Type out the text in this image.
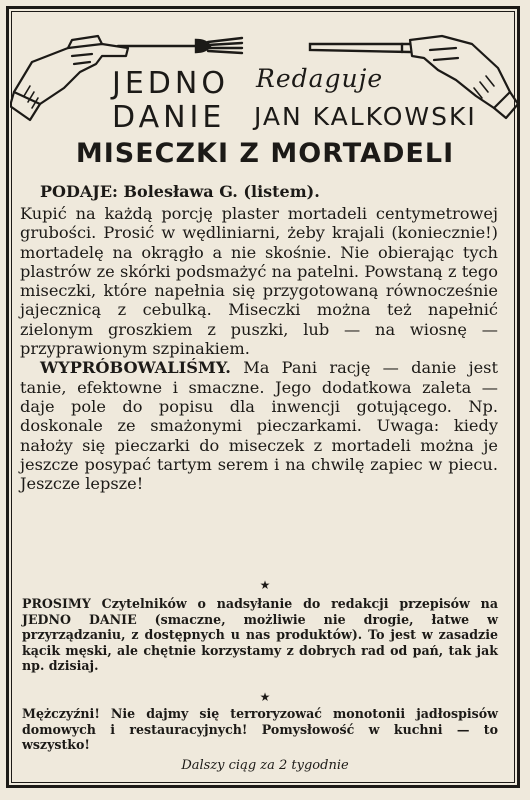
JEDNO
DANIE
Redaguje
JAN KALKOWSKI
MISECZKI Z MORTADELI
PODAJE: Bolesława G. (listem).

Kupić na każdą porcję plaster mortadeli centymetrowej grubości. Prosić w wędliniarni, żeby krajali (koniecznie!) mortadelę na okrągło a nie skośnie. Nie obierając tych plastrów ze skórki podsmażyć na patelni. Powstaną z tego miseczki, które napełnia się przygotowaną równocześnie jajecznicą z cebulką. Miseczki można też napełnić zielonym groszkiem z puszki, lub — na wiosnę — przyprawionym szpinakiem.

WYPRÓBOWALIŚMY. Ma Pani rację — danie jest tanie, efektowne i smaczne. Jego dodatkowa zaleta — daje pole do popisu dla inwencji gotującego. Np. doskonale ze smażonymi pieczarkami. Uwaga: kiedy nałoży się pieczarki do miseczek z mortadeli można je jeszcze posypać tartym serem i na chwilę zapiec w piecu. Jeszcze lepsze!

★
PROSIMY Czytelników o nadsyłanie do redakcji przepisów na JEDNO DANIE (smaczne, możliwie nie drogie, łatwe w przyrządzaniu, z dostępnych u nas produktów). To jest w zasadzie kącik męski, ale chętnie korzystamy z dobrych rad od pań, tak jak np. dzisiaj.
★
Mężczyźni! Nie dajmy się terroryzować monotonii jadłospisów domowych i restauracyjnych! Pomysłowość w kuchni — to wszystko!
Dalszy ciąg za 2 tygodnie
